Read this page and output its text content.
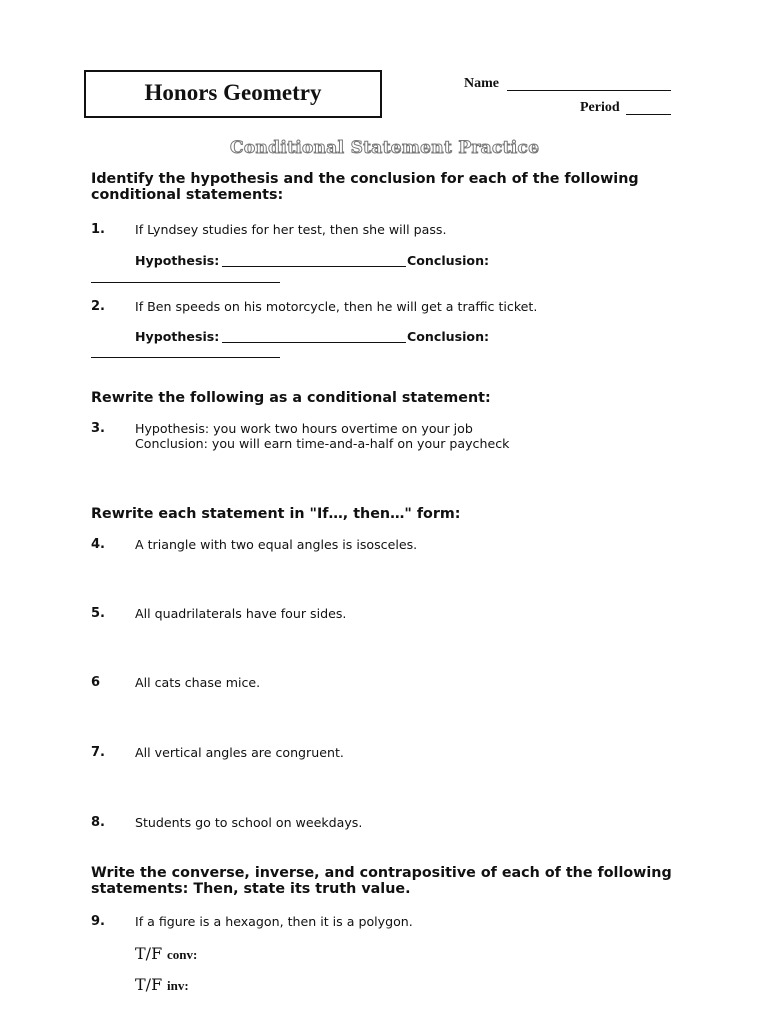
Honors Geometry	Name
Period
Conditional Statement Practice
Identify the hypothesis and the conclusion for each of the following
conditional statements:
1. If Lyndsey studies for her test, then she will pass.
Hypothesis:	Conclusion:
2. If Ben speeds on his motorcycle, then he will get a traffic ticket.
Hypothesis:	Conclusion:
Rewrite the following as a conditional statement:
3. Hypothesis: you work two hours overtime on your job
Conclusion: you will earn time-and-a-half on your paycheck
Rewrite each statement in "If…, then…" form:
4. A triangle with two equal angles is isosceles.
5. All quadrilaterals have four sides.
6	All cats chase mice.
7. All vertical angles are congruent.
8. Students go to school on weekdays.
Write the converse, inverse, and contrapositive of each of the following
statements: Then, state its truth value.
9. If a figure is a hexagon, then it is a polygon.
T/F conv:
T/F inv:
